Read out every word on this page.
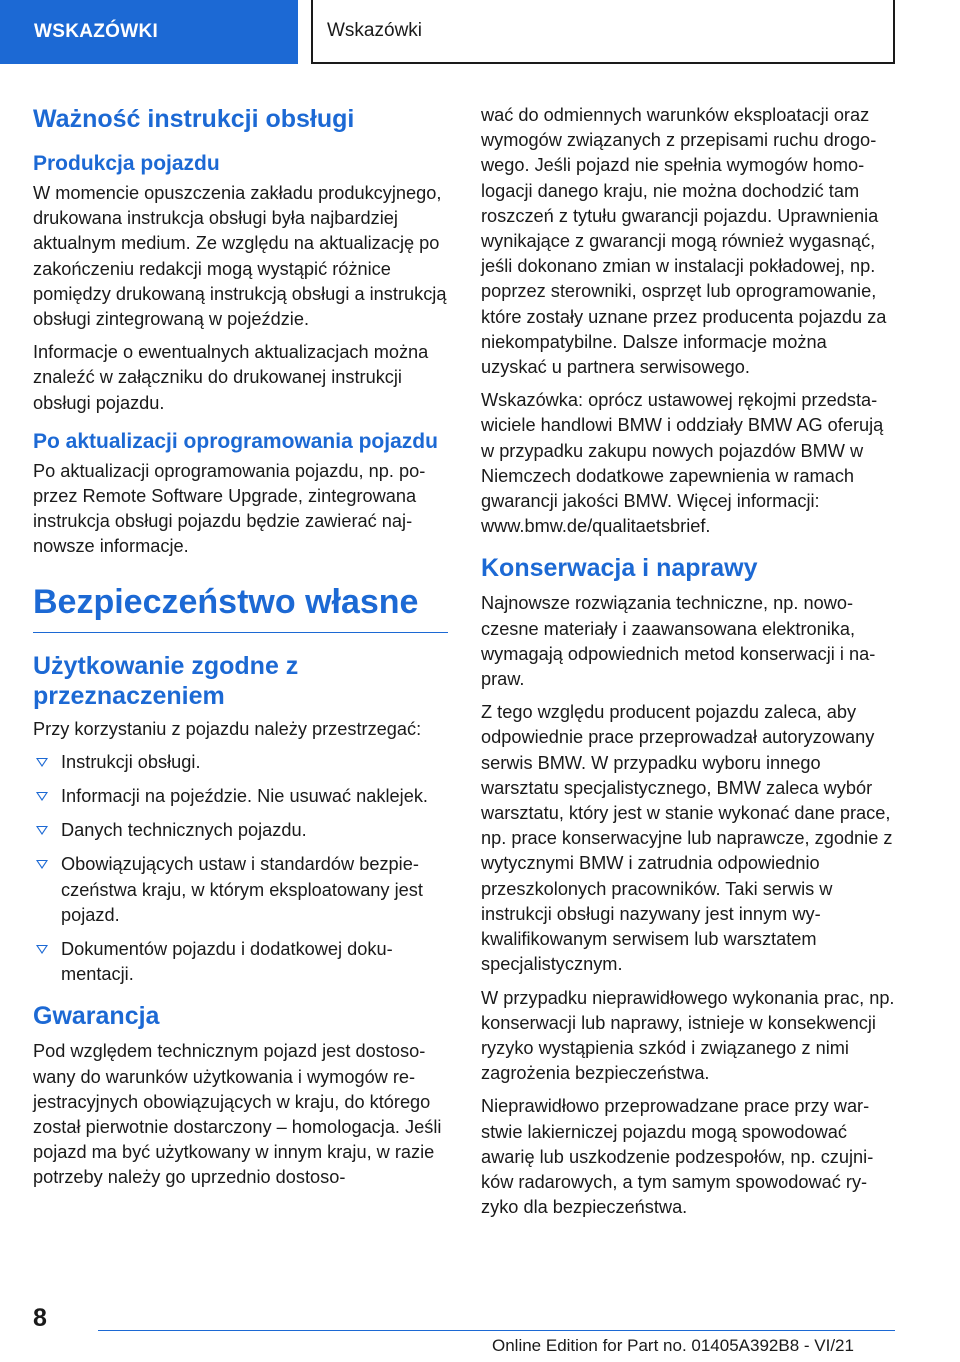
WSKAZÓWKI	Wskazówki
Ważność instrukcji obsługi
Produkcja pojazdu

W momencie opuszczenia zakładu produkcyjnego, drukowana instrukcja obsługi była najbardziej aktualnym medium. Ze względu na aktualizację po zakończeniu redakcji mogą wystąpić różnice pomiędzy drukowaną instrukcją obsługi a instrukcją obsługi zintegrowaną w pojeździe.

Informacje o ewentualnych aktualizacjach można znaleźć w załączniku do drukowanej instrukcji obsługi pojazdu.

Po aktualizacji oprogramowania pojazdu

Po aktualizacji oprogramowania pojazdu, np. poprzez Remote Software Upgrade, zintegrowana instrukcja obsługi pojazdu będzie zawierać najnowsze informacje.

Bezpieczeństwo własne
Użytkowanie zgodne z przeznaczeniem

Przy korzystaniu z pojazdu należy przestrzegać:

Instrukcji obsługi.
Informacji na pojeździe. Nie usuwać naklejek.
Danych technicznych pojazdu.
Obowiązujących ustaw i standardów bezpieczeństwa kraju, w którym eksploatowany jest pojazd.
Dokumentów pojazdu i dodatkowej dokumentacji.
Gwarancja

Pod względem technicznym pojazd jest dostosowany do warunków użytkowania i wymogów rejestracyjnych obowiązujących w kraju, do którego został pierwotnie dostarczony – homologacja. Jeśli pojazd ma być użytkowany w innym kraju, w razie potrzeby należy go uprzednio dostoso-

wać do odmiennych warunków eksploatacji oraz wymogów związanych z przepisami ruchu drogowego. Jeśli pojazd nie spełnia wymogów homologacji danego kraju, nie można dochodzić tam roszczeń z tytułu gwarancji pojazdu. Uprawnienia wynikające z gwarancji mogą również wygasnąć, jeśli dokonano zmian w instalacji pokładowej, np. poprzez sterowniki, osprzęt lub oprogramowanie, które zostały uznane przez producenta pojazdu za niekompatybilne. Dalsze informacje można uzyskać u partnera serwisowego.

Wskazówka: oprócz ustawowej rękojmi przedstawiciele handlowi BMW i oddziały BMW AG oferują w przypadku zakupu nowych pojazdów BMW w Niemczech dodatkowe zapewnienia w ramach gwarancji jakości BMW. Więcej informacji: www.bmw.de/qualitaetsbrief.

Konserwacja i naprawy

Najnowsze rozwiązania techniczne, np. nowoczesne materiały i zaawansowana elektronika, wymagają odpowiednich metod konserwacji i napraw.

Z tego względu producent pojazdu zaleca, aby odpowiednie prace przeprowadzał autoryzowany serwis BMW. W przypadku wyboru innego warsztatu specjalistycznego, BMW zaleca wybór warsztatu, który jest w stanie wykonać dane prace, np. prace konserwacyjne lub naprawcze, zgodnie z wytycznymi BMW i zatrudnia odpowiednio przeszkolonych pracowników. Taki serwis w instrukcji obsługi nazywany jest innym wykwalifikowanym serwisem lub warsztatem specjalistycznym.

W przypadku nieprawidłowego wykonania prac, np. konserwacji lub naprawy, istnieje w konsekwencji ryzyko wystąpienia szkód i związanego z nimi zagrożenia bezpieczeństwa.

Nieprawidłowo przeprowadzane prace przy warstwie lakierniczej pojazdu mogą spowodować awarię lub uszkodzenie podzespołów, np. czujników radarowych, a tym samym spowodować ryzyko dla bezpieczeństwa.

8
Online Edition for Part no. 01405A392B8 - VI/21
